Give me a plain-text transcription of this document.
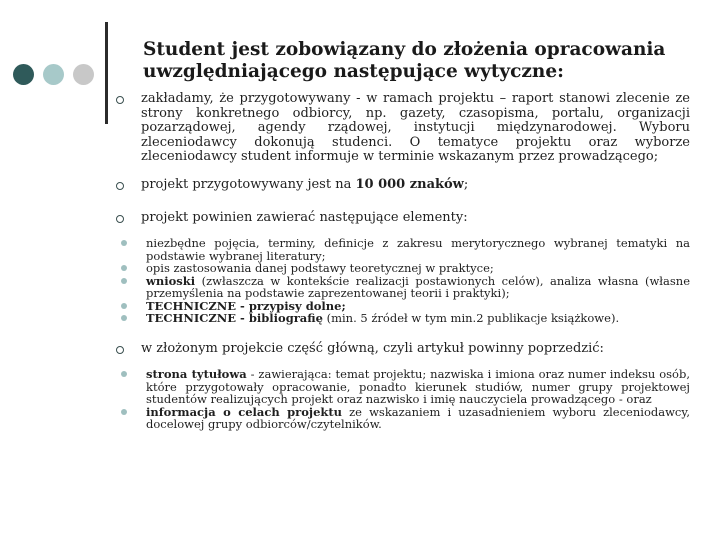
Student jest zobowiązany do złożenia opracowania
uwzględniającego następujące wytyczne:
zakładamy, że przygotowywany - w ramach projektu – raport stanowi zlecenie ze strony konkretnego odbiorcy, np. gazety, czasopisma, portalu, organizacji pozarządowej, agendy rządowej, instytucji międzynarodowej. Wyboru zleceniodawcy dokonują studenci. O tematyce projektu oraz wyborze zleceniodawcy student informuje w terminie wskazanym przez prowadzącego;
projekt przygotowywany jest na 10 000 znaków;
projekt powinien zawierać następujące elementy:
niezbędne pojęcia, terminy, definicje z zakresu merytorycznego wybranej tematyki na podstawie wybranej literatury;
opis zastosowania danej podstawy teoretycznej w praktyce;
wnioski (zwłaszcza w kontekście realizacji postawionych celów), analiza własna (własne przemyślenia na podstawie zaprezentowanej teorii i praktyki);
TECHNICZNE - przypisy dolne;
TECHNICZNE - bibliografię (min. 5 źródeł w tym min.2 publikacje książkowe).
w złożonym projekcie część główną, czyli artykuł powinny poprzedzić:
strona tytułowa - zawierająca: temat projektu; nazwiska i imiona oraz numer indeksu osób, które przygotowały opracowanie, ponadto kierunek studiów, numer grupy projektowej studentów realizujących projekt oraz nazwisko i imię nauczyciela prowadzącego - oraz
informacja o celach projektu ze wskazaniem i uzasadnieniem wyboru zleceniodawcy, docelowej grupy odbiorców/czytelników.
